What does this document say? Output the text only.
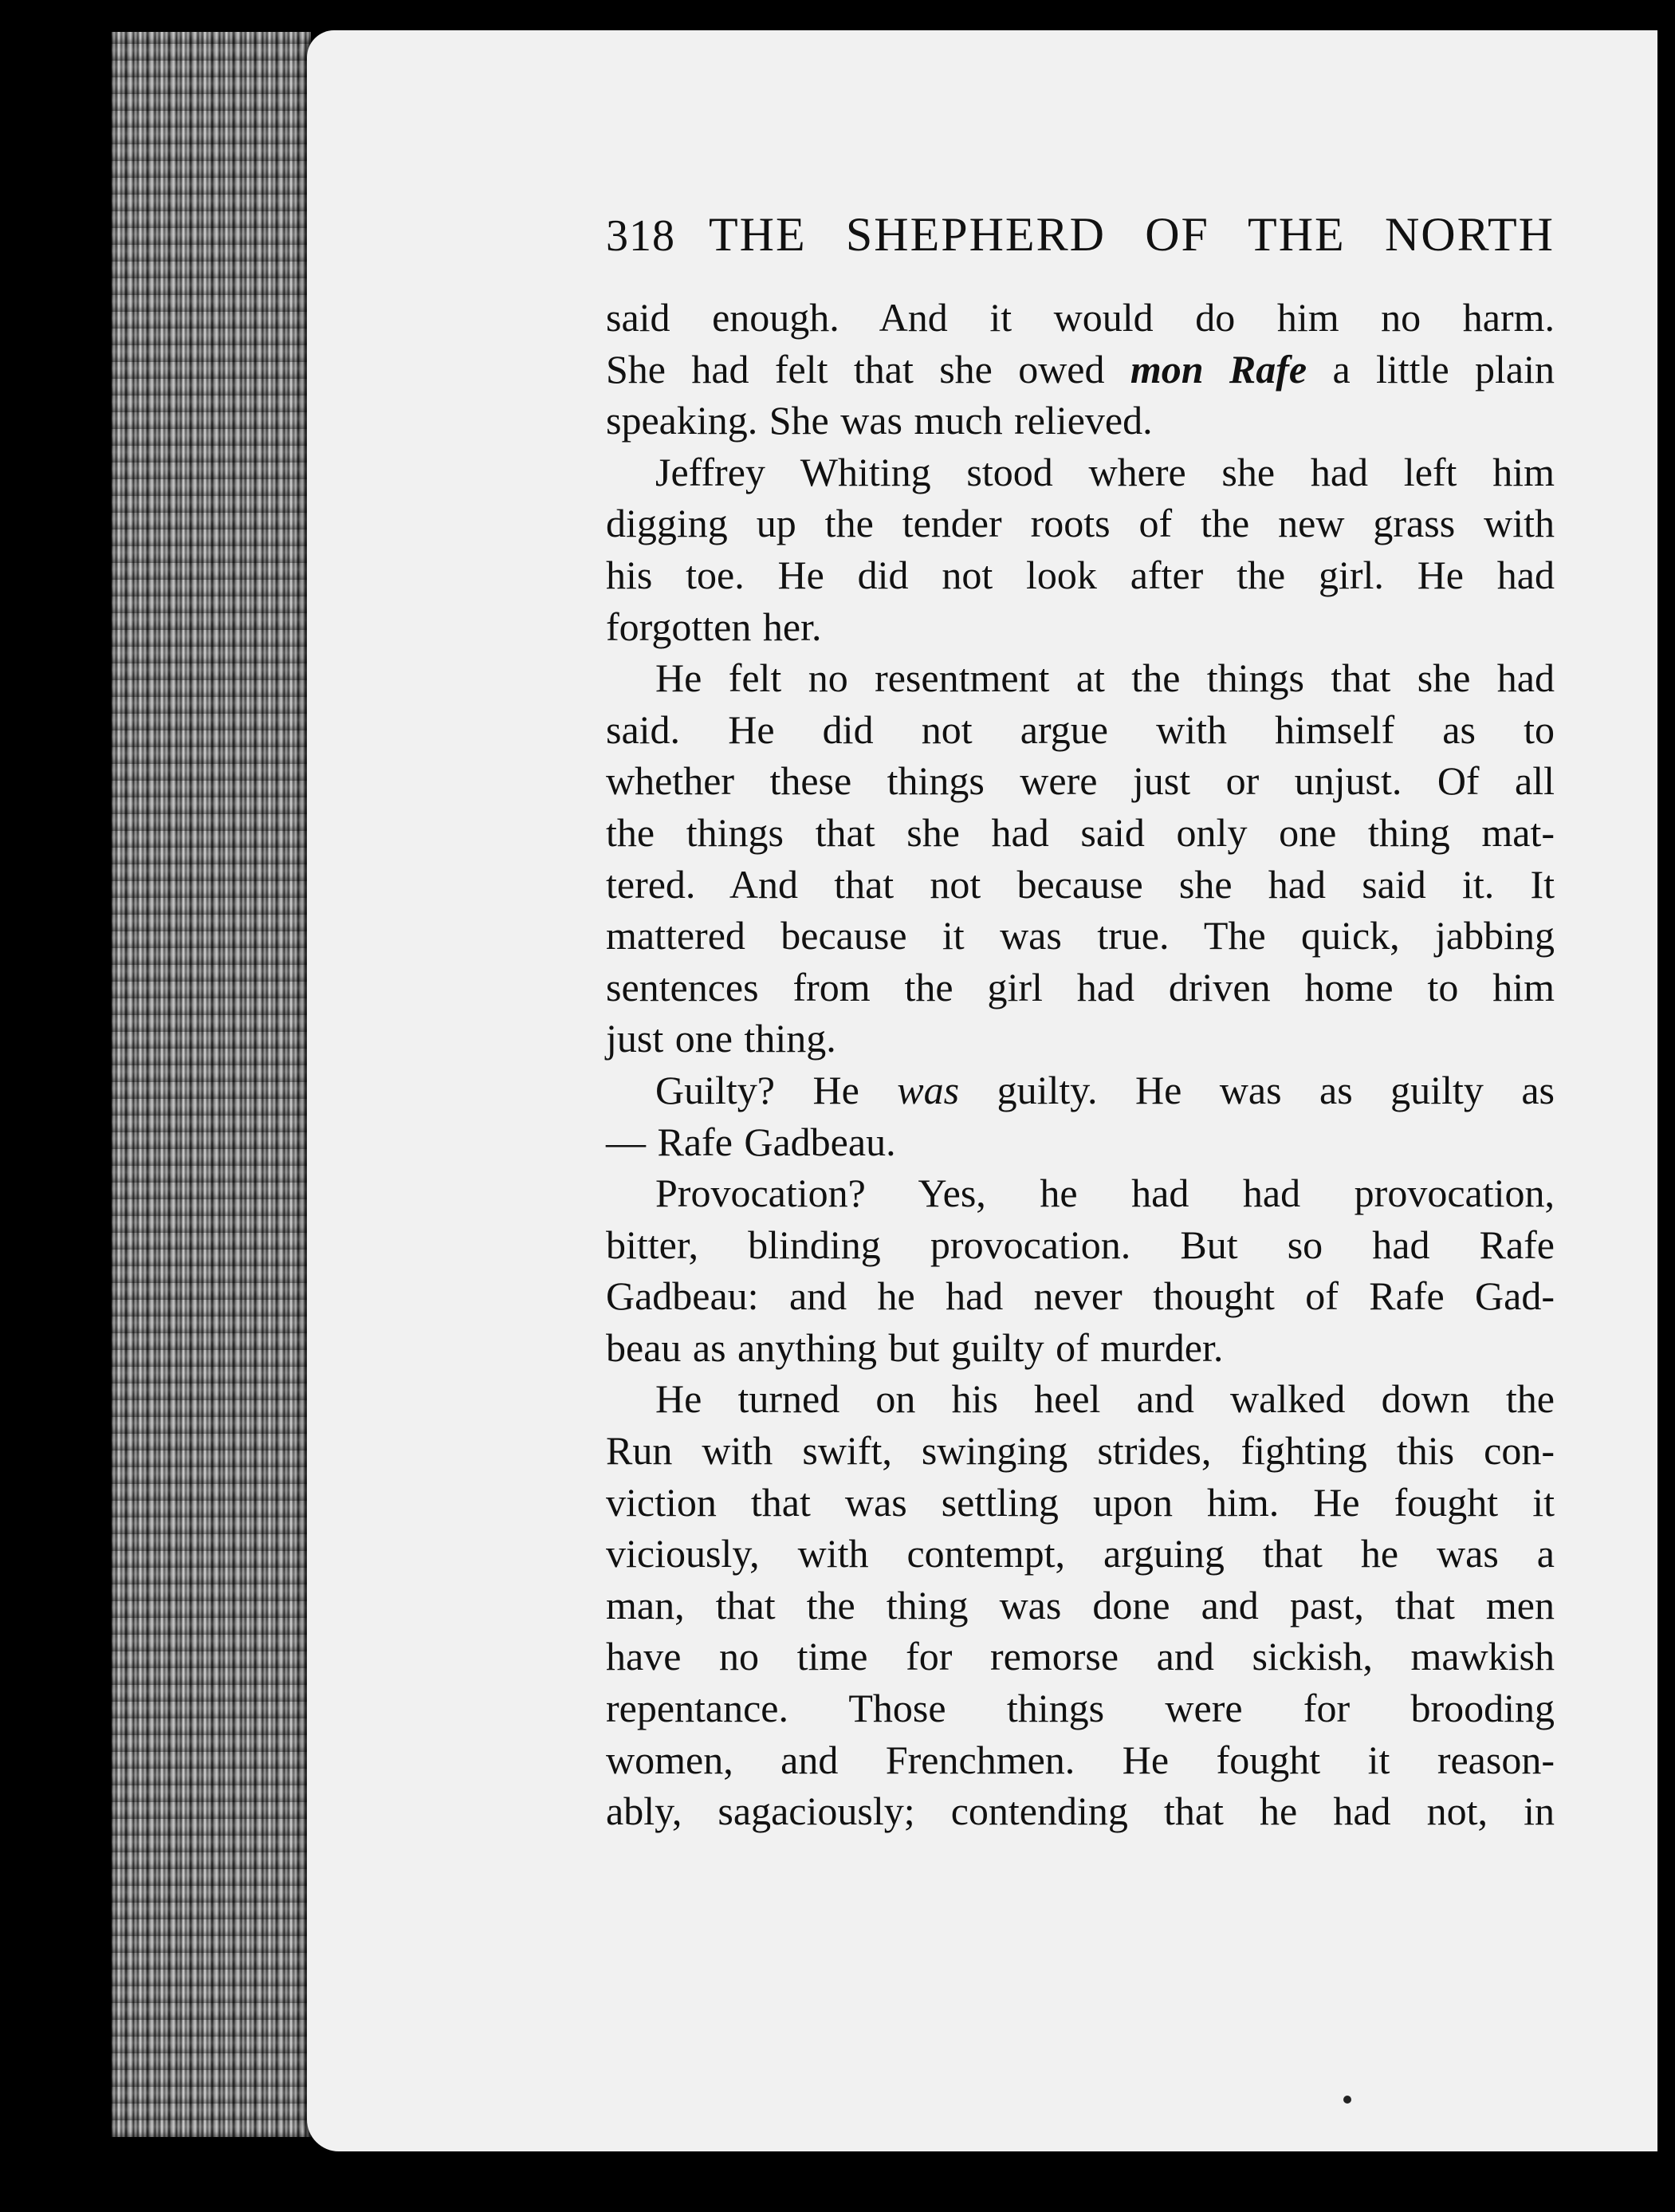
318 THE SHEPHERD OF THE NORTH
said enough. And it would do him no harm.
She had felt that she owed mon Rafe a little plain
speaking. She was much relieved.
Jeffrey Whiting stood where she had left him
digging up the tender roots of the new grass with
his toe. He did not look after the girl. He had
forgotten her.
He felt no resentment at the things that she had
said. He did not argue with himself as to
whether these things were just or unjust. Of all
the things that she had said only one thing mat-
tered. And that not because she had said it. It
mattered because it was true. The quick, jabbing
sentences from the girl had driven home to him
just one thing.
Guilty? He was guilty. He was as guilty as
— Rafe Gadbeau.
Provocation? Yes, he had had provocation,
bitter, blinding provocation. But so had Rafe
Gadbeau: and he had never thought of Rafe Gad-
beau as anything but guilty of murder.
He turned on his heel and walked down the
Run with swift, swinging strides, fighting this con-
viction that was settling upon him. He fought it
viciously, with contempt, arguing that he was a
man, that the thing was done and past, that men
have no time for remorse and sickish, mawkish
repentance. Those things were for brooding
women, and Frenchmen. He fought it reason-
ably, sagaciously; contending that he had not, in
